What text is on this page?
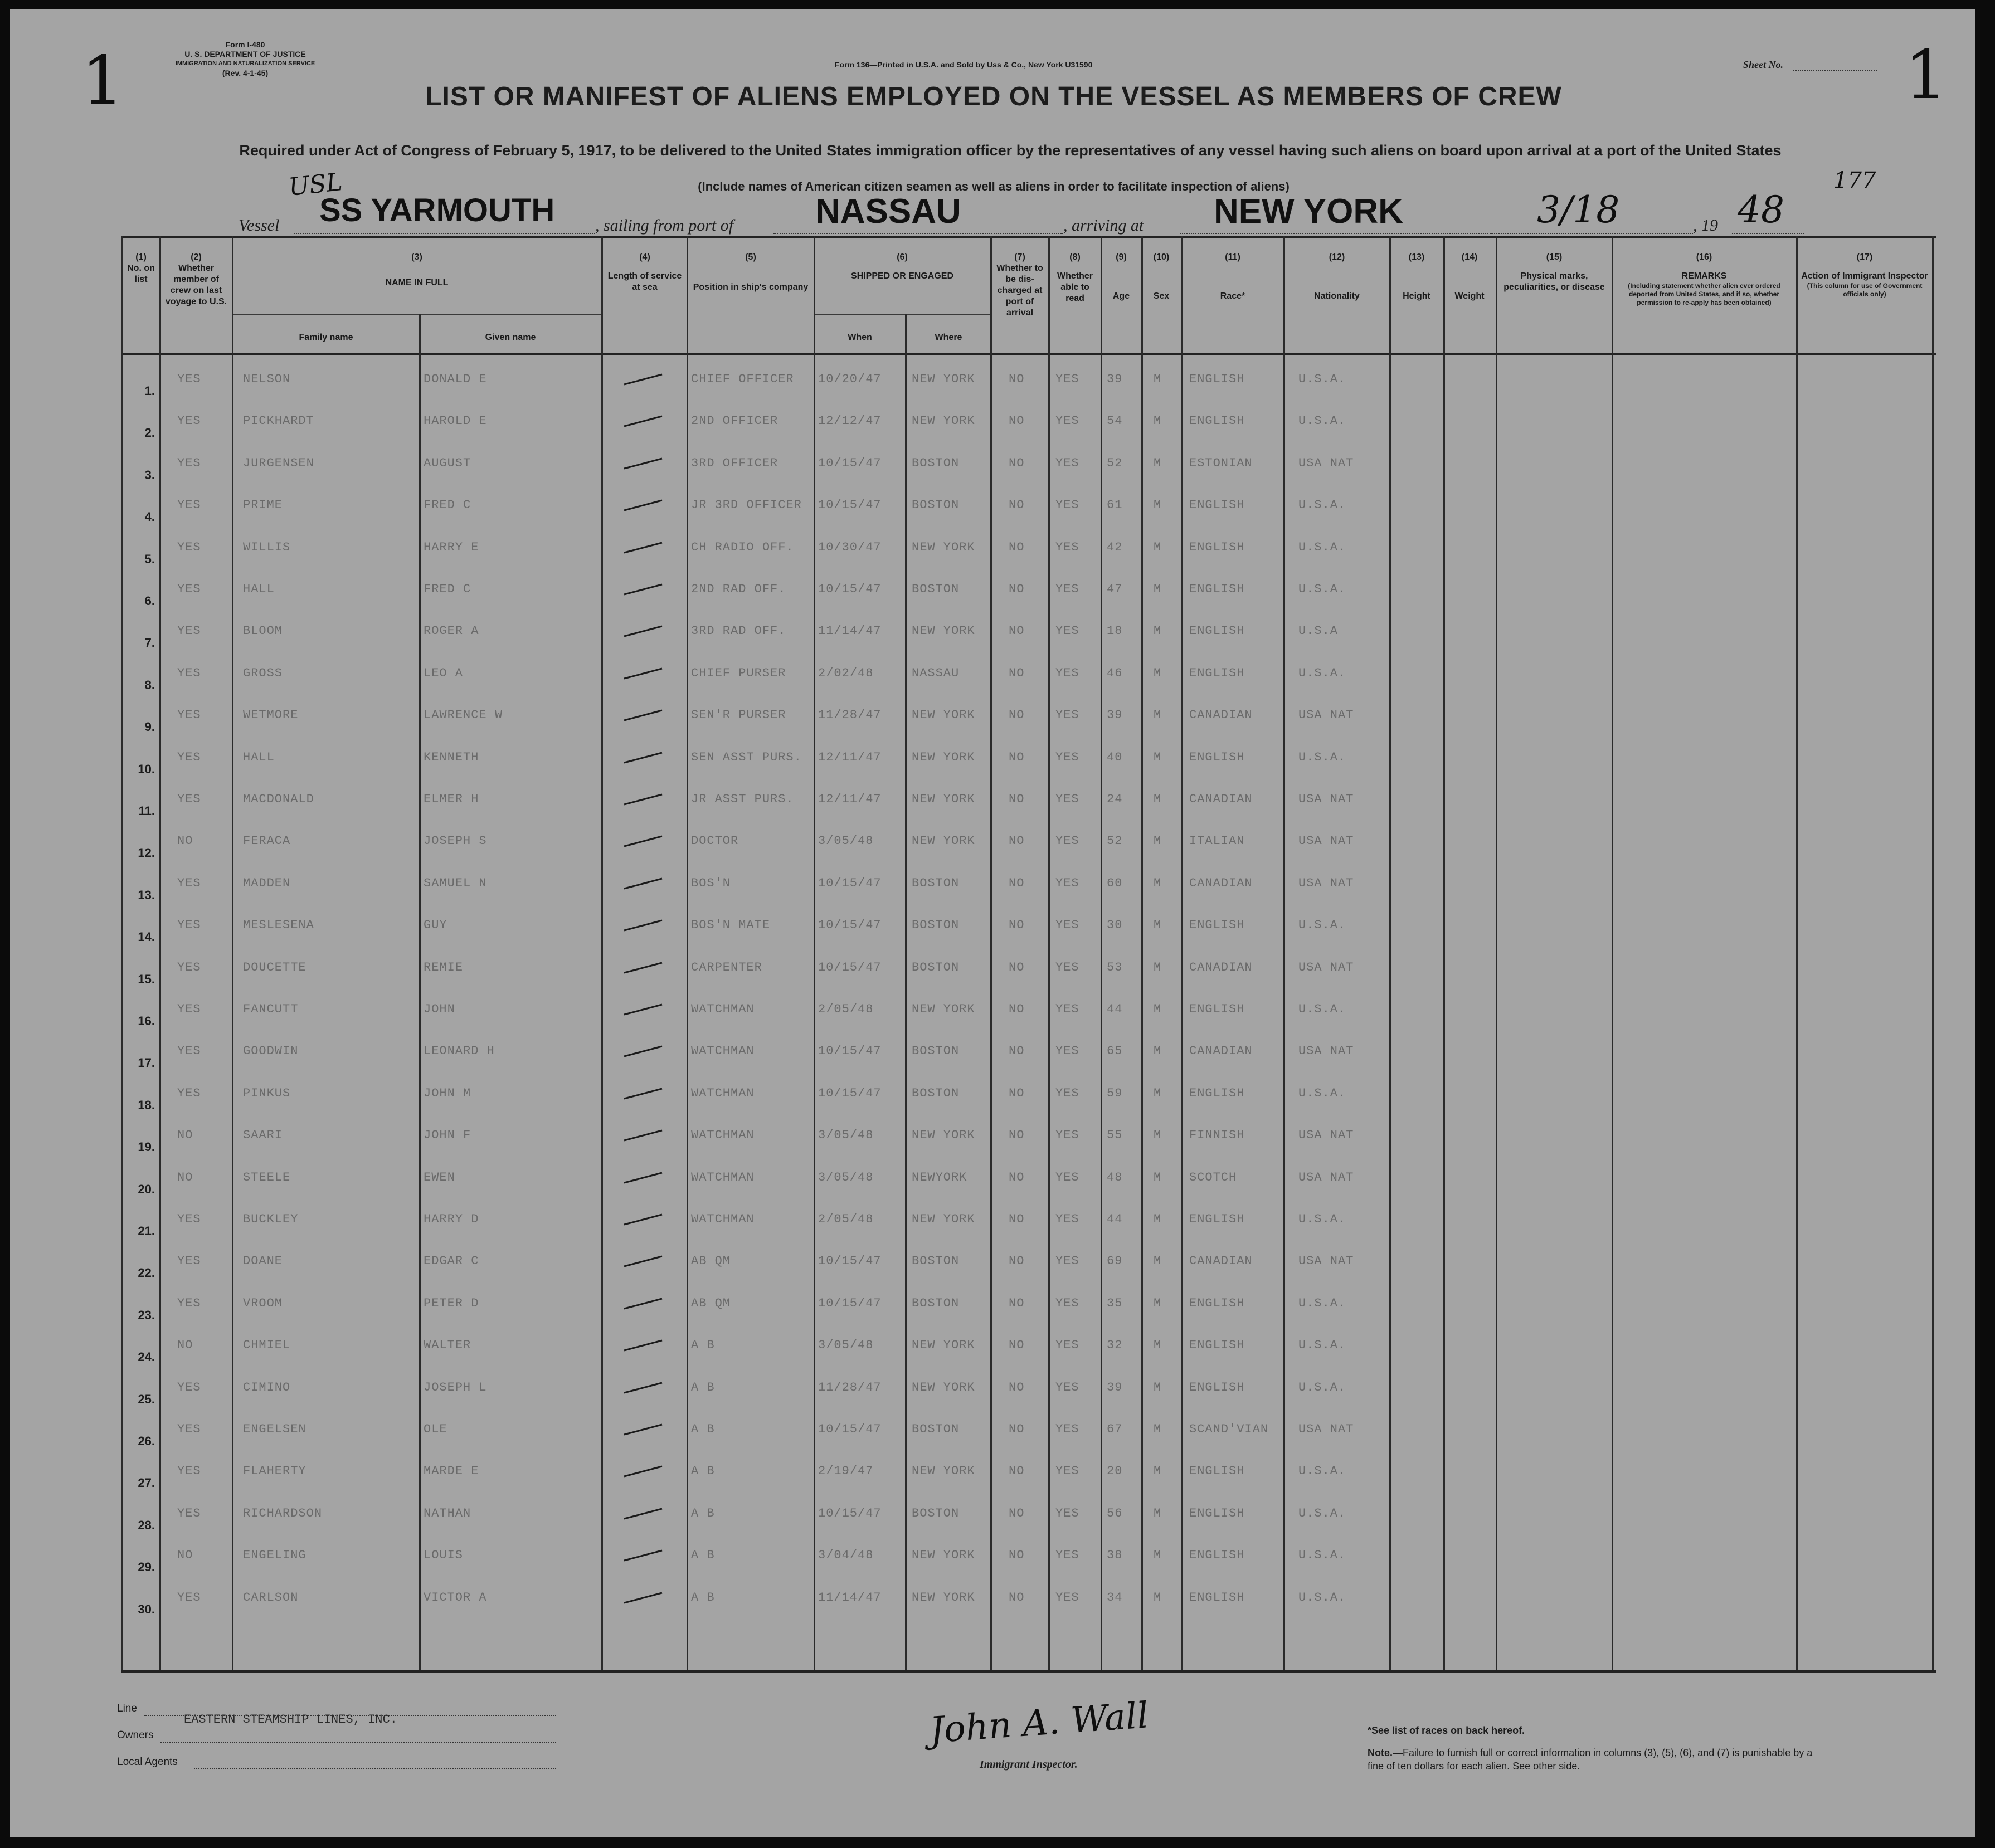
1	Form I-480
U. S. DEPARTMENT OF JUSTICE
IMMIGRATION AND NATURALIZATION SERVICE
(Rev. 4-1-45)
Form 136—Printed in U.S.A. and Sold by Uss & Co., New York U31590	Sheet No.	1
LIST OR MANIFEST OF ALIENS EMPLOYED ON THE VESSEL AS MEMBERS OF CREW
Required under Act of Congress of February 5, 1917, to be delivered to the United States immigration officer by the representatives of any vessel having such aliens on board upon arrival at a port of the United States
(Include names of American citizen seamen as well as aliens in order to facilitate inspection of aliens)
USL	177
Vessel SS YARMOUTH , sailing from port of NASSAU	, arriving at NEW YORK	3/18	, 19 48
(1)
No. on list
(2)
Whether member of crew on last voyage to U.S.
(3)
NAME IN FULL
Family name	Given name
(4)
Length of service at sea
(5)
Position in ship's company
(6)
SHIPPED OR ENGAGED
When	Where
(7)
Whether to be dis-charged at port of arrival
(8)
Whether able to read
(9)
Age
(10)
Sex
(11)
Race*
(12)
Nationality
(13)
Height
(14)
Weight
(15)
Physical marks, peculiarities, or disease
(16)
REMARKS
(Including statement whether alien ever ordered deported from United States, and if so, whether permission to re-apply has been obtained)
(17)
Action of Immigrant Inspector
(This column for use of Government officials only)
1.
YES	NELSON	DONALD E	CHIEF OFFICER	10/20/47	NEW YORK	NO	YES	39	M	ENGLISH	U.S.A.
2.
YES	PICKHARDT	HAROLD E	2ND OFFICER	12/12/47	NEW YORK	NO	YES	54	M	ENGLISH	U.S.A.
3.
YES	JURGENSEN	AUGUST	3RD OFFICER	10/15/47	BOSTON	NO	YES	52	M	ESTONIAN	USA NAT
4.
YES	PRIME	FRED C	JR 3RD OFFICER	10/15/47	BOSTON	NO	YES	61	M	ENGLISH	U.S.A.
5.
YES	WILLIS	HARRY E	CH RADIO OFF.	10/30/47	NEW YORK	NO	YES	42	M	ENGLISH	U.S.A.
6.
YES	HALL	FRED C	2ND RAD OFF.	10/15/47	BOSTON	NO	YES	47	M	ENGLISH	U.S.A.
7.
YES	BLOOM	ROGER A	3RD RAD OFF.	11/14/47	NEW YORK	NO	YES	18	M	ENGLISH	U.S.A
8.
YES	GROSS	LEO A	CHIEF PURSER	2/02/48	NASSAU	NO	YES	46	M	ENGLISH	U.S.A.
9.
YES	WETMORE	LAWRENCE W	SEN'R PURSER	11/28/47	NEW YORK	NO	YES	39	M	CANADIAN	USA NAT
10.
YES	HALL	KENNETH	SEN ASST PURS.	12/11/47	NEW YORK	NO	YES	40	M	ENGLISH	U.S.A.
11.
YES	MACDONALD	ELMER H	JR ASST PURS.	12/11/47	NEW YORK	NO	YES	24	M	CANADIAN	USA NAT
12.
NO	FERACA	JOSEPH S	DOCTOR	3/05/48	NEW YORK	NO	YES	52	M	ITALIAN	USA NAT
13.
YES	MADDEN	SAMUEL N	BOS'N	10/15/47	BOSTON	NO	YES	60	M	CANADIAN	USA NAT
14.
YES	MESLESENA	GUY	BOS'N MATE	10/15/47	BOSTON	NO	YES	30	M	ENGLISH	U.S.A.
15.
YES	DOUCETTE	REMIE	CARPENTER	10/15/47	BOSTON	NO	YES	53	M	CANADIAN	USA NAT
16.
YES	FANCUTT	JOHN	WATCHMAN	2/05/48	NEW YORK	NO	YES	44	M	ENGLISH	U.S.A.
17.
YES	GOODWIN	LEONARD H	WATCHMAN	10/15/47	BOSTON	NO	YES	65	M	CANADIAN	USA NAT
18.
YES	PINKUS	JOHN M	WATCHMAN	10/15/47	BOSTON	NO	YES	59	M	ENGLISH	U.S.A.
19.
NO	SAARI	JOHN F	WATCHMAN	3/05/48	NEW YORK	NO	YES	55	M	FINNISH	USA NAT
20.
NO	STEELE	EWEN	WATCHMAN	3/05/48	NEWYORK	NO	YES	48	M	SCOTCH	USA NAT
21.
YES	BUCKLEY	HARRY D	WATCHMAN	2/05/48	NEW YORK	NO	YES	44	M	ENGLISH	U.S.A.
22.
YES	DOANE	EDGAR C	AB QM	10/15/47	BOSTON	NO	YES	69	M	CANADIAN	USA NAT
23.
YES	VROOM	PETER D	AB QM	10/15/47	BOSTON	NO	YES	35	M	ENGLISH	U.S.A.
24.
NO	CHMIEL	WALTER	A B	3/05/48	NEW YORK	NO	YES	32	M	ENGLISH	U.S.A.
25.
YES	CIMINO	JOSEPH L	A B	11/28/47	NEW YORK	NO	YES	39	M	ENGLISH	U.S.A.
26.
YES	ENGELSEN	OLE	A B	10/15/47	BOSTON	NO	YES	67	M	SCAND'VIAN	USA NAT
27.
YES	FLAHERTY	MARDE E	A B	2/19/47	NEW YORK	NO	YES	20	M	ENGLISH	U.S.A.
28.
YES	RICHARDSON	NATHAN	A B	10/15/47	BOSTON	NO	YES	56	M	ENGLISH	U.S.A.
29.
NO	ENGELING	LOUIS	A B	3/04/48	NEW YORK	NO	YES	38	M	ENGLISH	U.S.A.
30.
YES	CARLSON	VICTOR A	A B	11/14/47	NEW YORK	NO	YES	34	M	ENGLISH	U.S.A.
Line
EASTERN STEAMSHIP LINES, INC.
Owners
Local Agents
John A. Wall
Immigrant Inspector.
*See list of races on back hereof.
Note.—Failure to furnish full or correct information in columns (3), (5), (6), and (7) is punishable by a fine of ten dollars for each alien. See other side.
